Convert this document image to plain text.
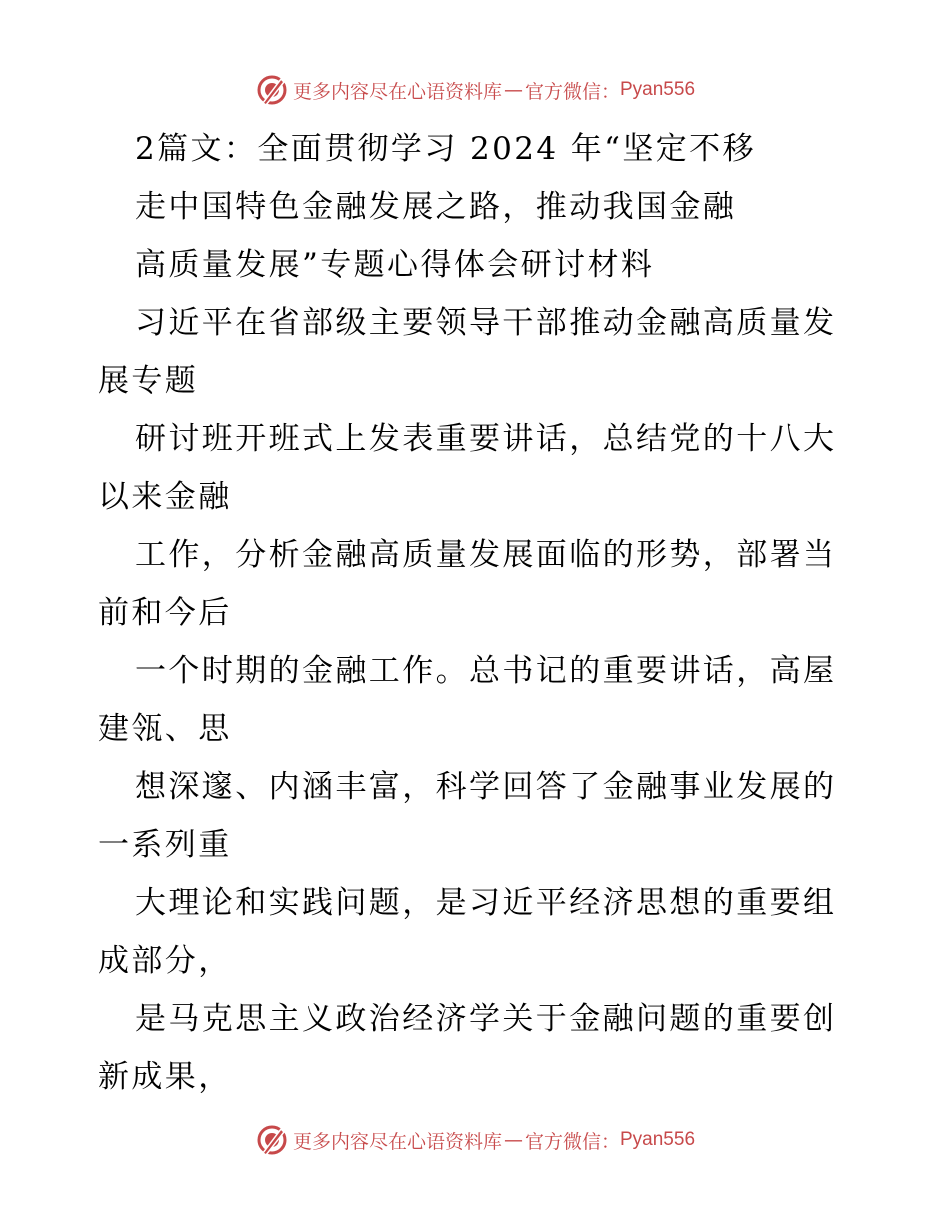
更多内容尽在心语资料库 — 官方微信： Pyan556
2篇文：全面贯彻学习 2024 年“坚定不移
走中国特色金融发展之路，推动我国金融
高质量发展”专题心得体会研讨材料
习近平在省部级主要领导干部推动金融高质量发
展专题
研讨班开班式上发表重要讲话，总结党的十八大
以来金融
工作，分析金融高质量发展面临的形势，部署当
前和今后
一个时期的金融工作。总书记的重要讲话，高屋
建瓴、思
想深邃、内涵丰富，科学回答了金融事业发展的
一系列重
大理论和实践问题，是习近平经济思想的重要组
成部分，
是马克思主义政治经济学关于金融问题的重要创
新成果，
更多内容尽在心语资料库 — 官方微信： Pyan556
